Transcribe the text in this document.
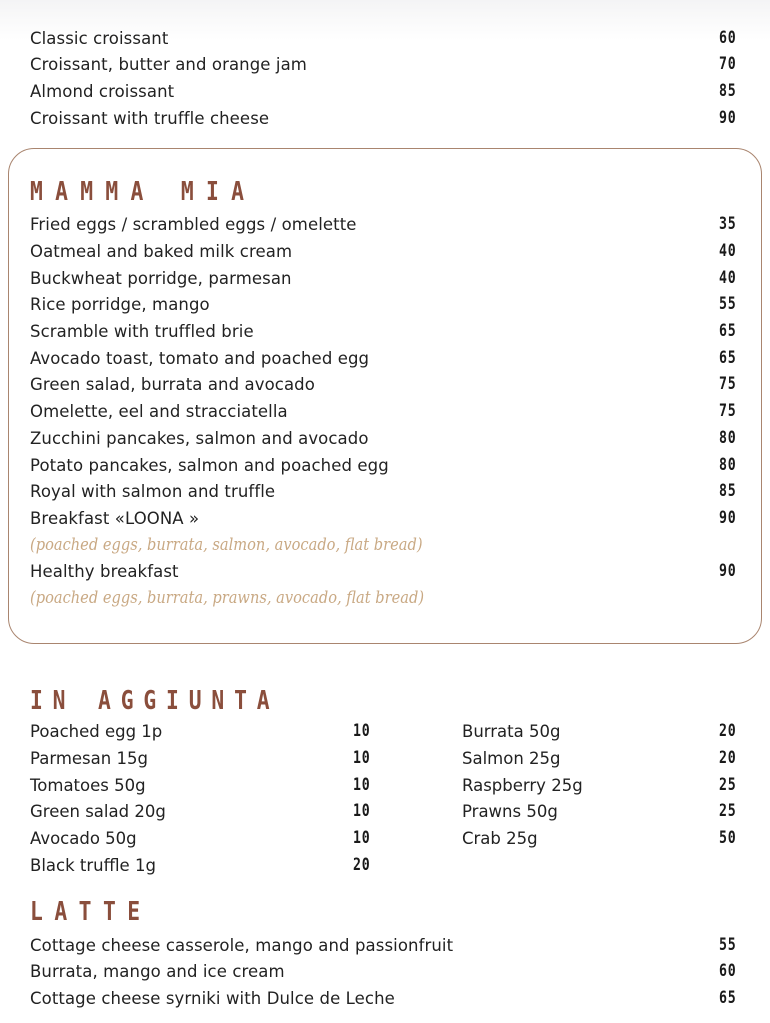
Classic croissant	60
Croissant, butter and orange jam	70
Almond croissant	85
Croissant with truffle cheese	90
MAMMA MIA
Fried eggs / scrambled eggs / omelette	35
Oatmeal and baked milk cream	40
Buckwheat porridge, parmesan	40
Rice porridge, mango	55
Scramble with truffled brie	65
Avocado toast, tomato and poached egg	65
Green salad, burrata and avocado	75
Omelette, eel and stracciatella	75
Zucchini pancakes, salmon and avocado	80
Potato pancakes, salmon and poached egg	80
Royal with salmon and truffle	85
Breakfast «LOONA »	90
(poached eggs, burrata, salmon, avocado, flat bread)
Healthy breakfast	90
(poached eggs, burrata, prawns, avocado, flat bread)
IN AGGIUNTA
Poached egg 1p	10
Parmesan 15g	10
Tomatoes 50g	10
Green salad 20g	10
Avocado 50g	10
Black truffle 1g	20
Burrata 50g	20
Salmon 25g	20
Raspberry 25g	25
Prawns 50g	25
Crab 25g	50
LATTE
Cottage cheese casserole, mango and passionfruit	55
Burrata, mango and ice cream	60
Cottage cheese syrniki with Dulce de Leche	65
